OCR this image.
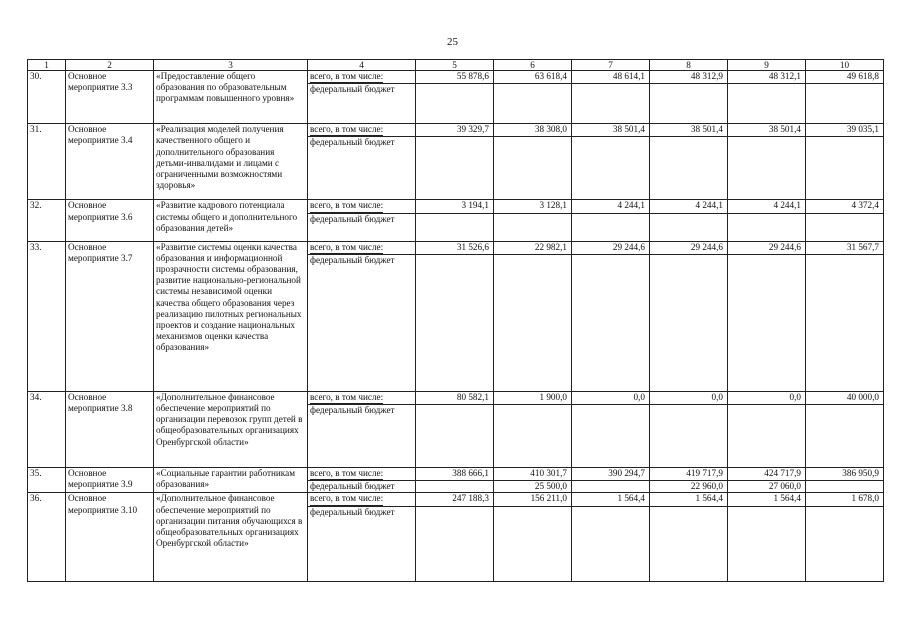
25
1	2	3	4	5	6	7	8	9	10
30.	Основное мероприятие 3.3	«Предоставление общего образования по образовательным программам повышенного уровня»	всего, в том числе:	55 878,6	63 618,4	48 614,1	48 312,9	48 312,1	49 618,8
			федеральный бюджет						
31.	Основное мероприятие 3.4	«Реализация моделей получения качественного общего и дополнительного образования детьми-инвалидами и лицами с ограниченными возможностями здоровья»	всего, в том числе:	39 329,7	38 308,0	38 501,4	38 501,4	38 501,4	39 035,1
			федеральный бюджет						
32.	Основное мероприятие 3.6	«Развитие кадрового потенциала системы общего и дополнительного образования детей»	всего, в том числе:	3 194,1	3 128,1	4 244,1	4 244,1	4 244,1	4 372,4
			федеральный бюджет						
33.	Основное мероприятие 3.7	«Развитие системы оценки качества образования и информационной прозрачности системы образования, развитие национально-региональной системы независимой оценки качества общего образования через реализацию пилотных региональных проектов и создание национальных механизмов оценки качества образования»	всего, в том числе:	31 526,6	22 982,1	29 244,6	29 244,6	29 244,6	31 567,7
			федеральный бюджет						
34.	Основное мероприятие 3.8	«Дополнительное финансовое обеспечение мероприятий по организации перевозок групп детей в общеобразовательных организациях Оренбургской области»	всего, в том числе:	80 582,1	1 900,0	0,0	0,0	0,0	40 000,0
			федеральный бюджет						
35.	Основное мероприятие 3.9	«Социальные гарантии работникам образования»	всего, в том числе:	388 666,1	410 301,7	390 294,7	419 717,9	424 717,9	386 950,9
			федеральный бюджет		25 500,0		22 960,0	27 060,0	
36.	Основное мероприятие 3.10	«Дополнительное финансовое обеспечение мероприятий по организации питания обучающихся в общеобразовательных организациях Оренбургской области»	всего, в том числе:	247 188,3	156 211,0	1 564,4	1 564,4	1 564,4	1 678,0
			федеральный бюджет						
